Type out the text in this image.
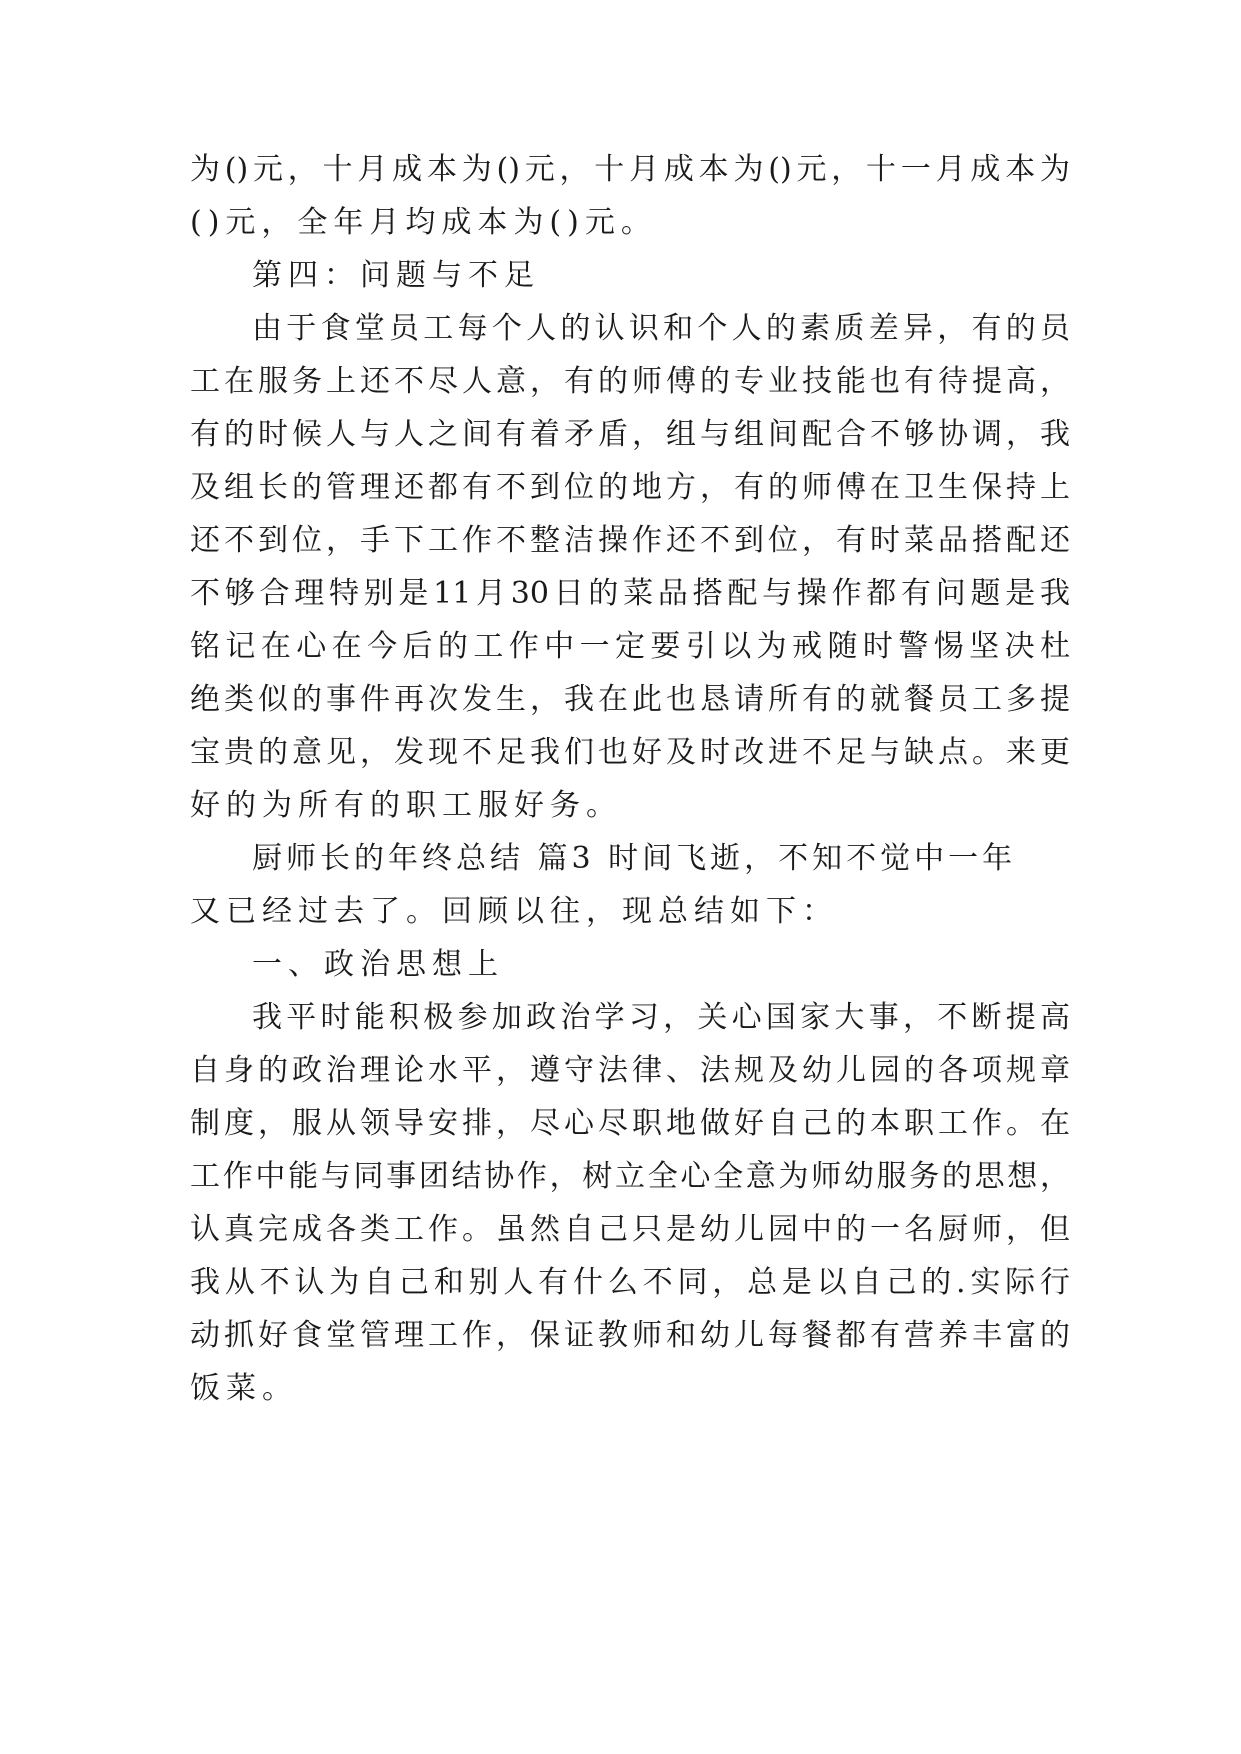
为()元，十月成本为()元，十月成本为()元，十一月成本为
()元，全年月均成本为()元。
第四：问题与不足
由于食堂员工每个人的认识和个人的素质差异，有的员
工在服务上还不尽人意，有的师傅的专业技能也有待提高，
有的时候人与人之间有着矛盾，组与组间配合不够协调，我
及组长的管理还都有不到位的地方，有的师傅在卫生保持上
还不到位，手下工作不整洁操作还不到位，有时菜品搭配还
不够合理特别是11月30日的菜品搭配与操作都有问题是我
铭记在心在今后的工作中一定要引以为戒随时警惕坚决杜
绝类似的事件再次发生，我在此也恳请所有的就餐员工多提
宝贵的意见，发现不足我们也好及时改进不足与缺点。来更
好的为所有的职工服好务。
厨师长的年终总结 篇3 时间飞逝，不知不觉中一年
又已经过去了。回顾以往，现总结如下：
一、政治思想上
我平时能积极参加政治学习，关心国家大事，不断提高
自身的政治理论水平，遵守法律、法规及幼儿园的各项规章
制度，服从领导安排，尽心尽职地做好自己的本职工作。在
工作中能与同事团结协作，树立全心全意为师幼服务的思想，
认真完成各类工作。虽然自己只是幼儿园中的一名厨师，但
我从不认为自己和别人有什么不同，总是以自己的.实际行
动抓好食堂管理工作，保证教师和幼儿每餐都有营养丰富的
饭菜。
